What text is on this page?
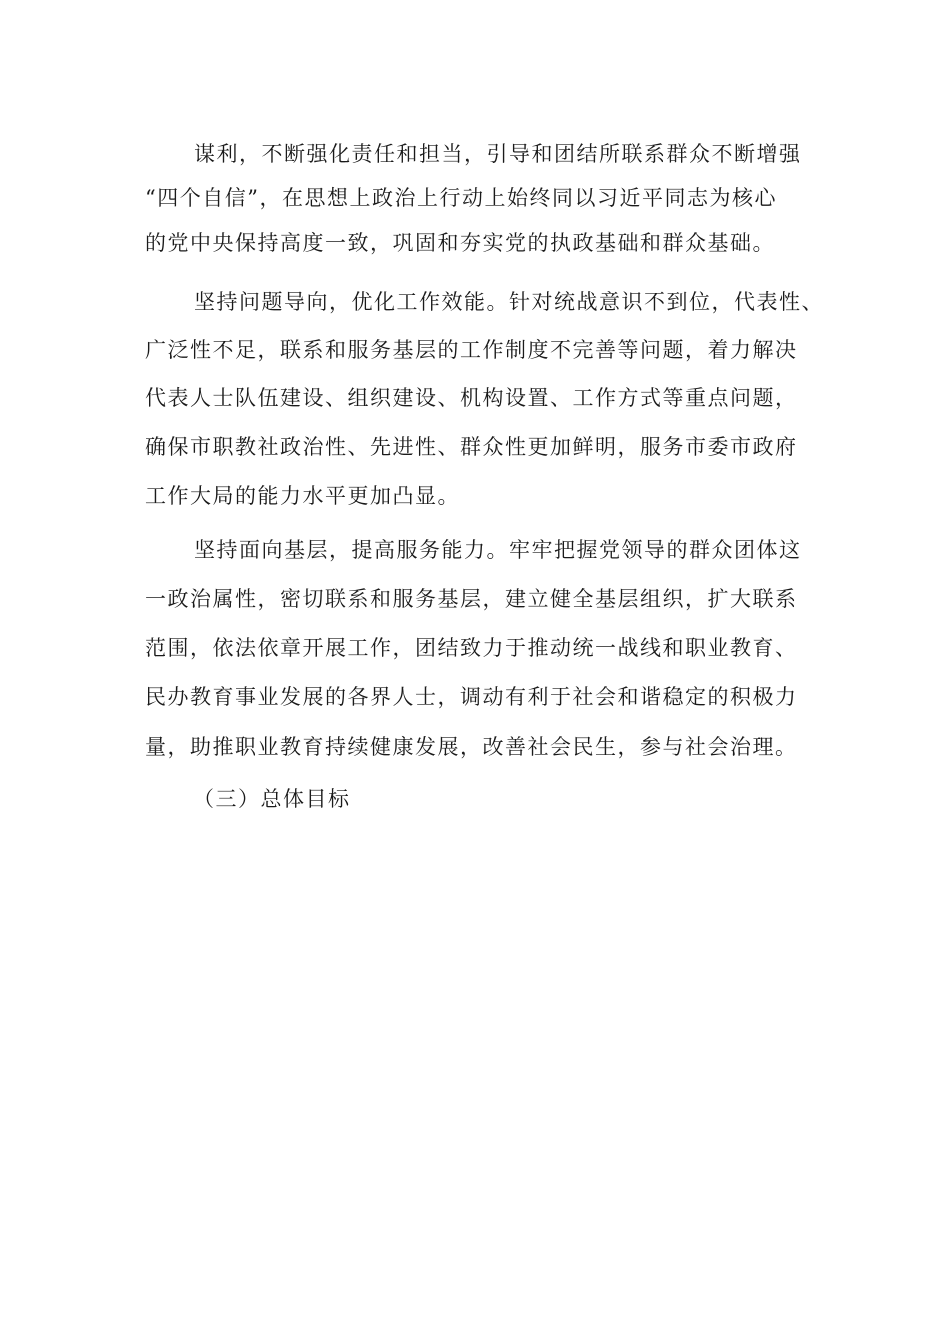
谋利，不断强化责任和担当，引导和团结所联系群众不断增强
“四个自信”，在思想上政治上行动上始终同以习近平同志为核心
的党中央保持高度一致，巩固和夯实党的执政基础和群众基础。
坚持问题导向，优化工作效能。针对统战意识不到位，代表性、
广泛性不足，联系和服务基层的工作制度不完善等问题，着力解决
代表人士队伍建设、组织建设、机构设置、工作方式等重点问题，
确保市职教社政治性、先进性、群众性更加鲜明，服务市委市政府
工作大局的能力水平更加凸显。
坚持面向基层，提高服务能力。牢牢把握党领导的群众团体这
一政治属性，密切联系和服务基层，建立健全基层组织，扩大联系
范围，依法依章开展工作，团结致力于推动统一战线和职业教育、
民办教育事业发展的各界人士，调动有利于社会和谐稳定的积极力
量，助推职业教育持续健康发展，改善社会民生，参与社会治理。
（三）总体目标
